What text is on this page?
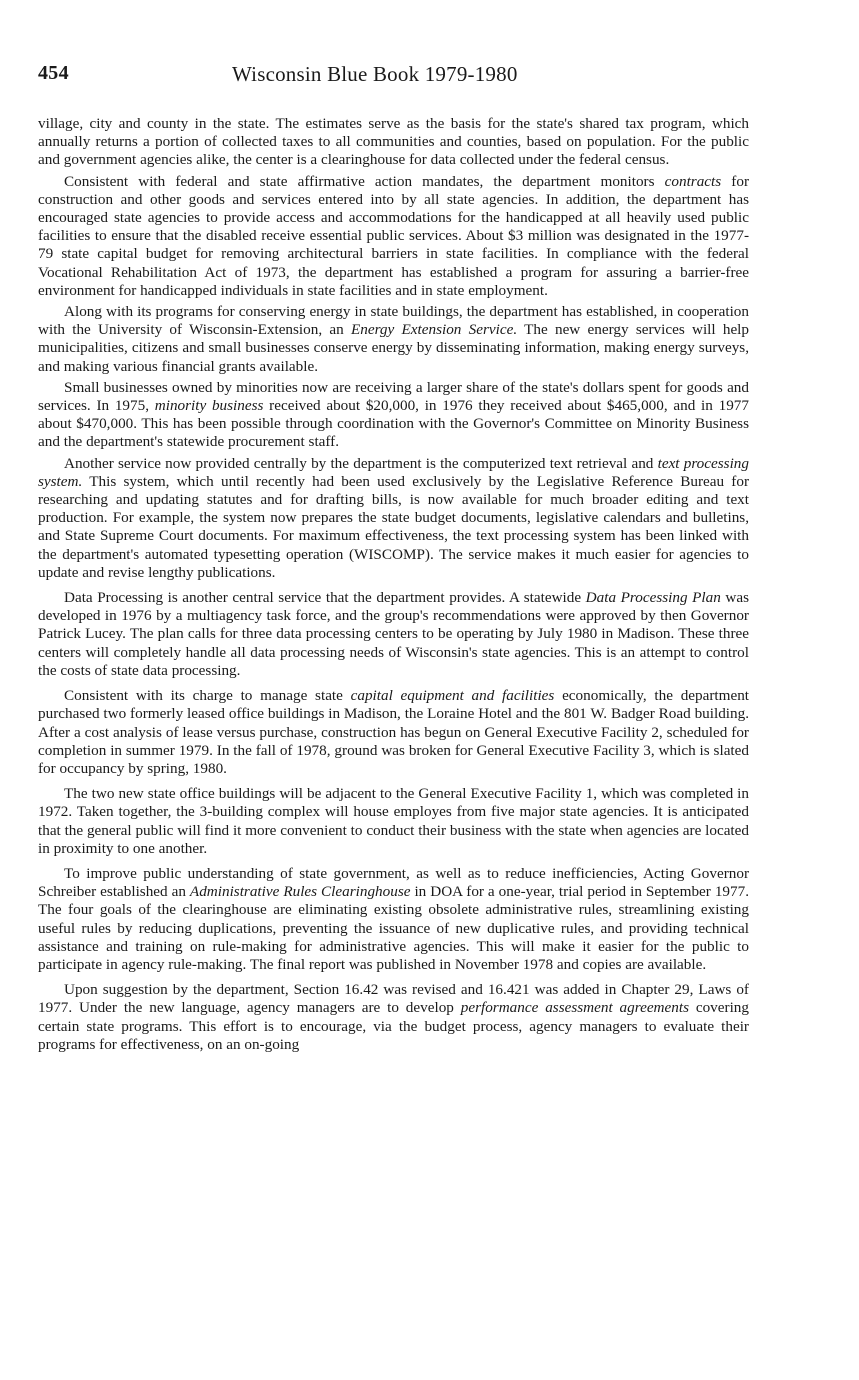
454	Wisconsin Blue Book 1979-1980

village, city and county in the state. The estimates serve as the basis for the state's shared tax program, which annually returns a portion of collected taxes to all communities and counties, based on population. For the public and government agencies alike, the center is a clearinghouse for data collected under the federal census.

Consistent with federal and state affirmative action mandates, the department monitors contracts for construction and other goods and services entered into by all state agencies. In addition, the department has encouraged state agencies to provide access and accommodations for the handicapped at all heavily used public facilities to ensure that the disabled receive essential public services. About $3 million was designated in the 1977-79 state capital budget for removing architectural barriers in state facilities. In compliance with the federal Vocational Rehabilitation Act of 1973, the department has established a program for assuring a barrier-free environment for handicapped individuals in state facilities and in state employment.

Along with its programs for conserving energy in state buildings, the department has established, in cooperation with the University of Wisconsin-Extension, an Energy Extension Service. The new energy services will help municipalities, citizens and small businesses conserve energy by disseminating information, making energy surveys, and making various financial grants available.

Small businesses owned by minorities now are receiving a larger share of the state's dollars spent for goods and services. In 1975, minority business received about $20,000, in 1976 they received about $465,000, and in 1977 about $470,000. This has been possible through coordination with the Governor's Committee on Minority Business and the department's statewide procurement staff.

Another service now provided centrally by the department is the computerized text retrieval and text processing system. This system, which until recently had been used exclusively by the Legislative Reference Bureau for researching and updating statutes and for drafting bills, is now available for much broader editing and text production. For example, the system now prepares the state budget documents, legislative calendars and bulletins, and State Supreme Court documents. For maximum effectiveness, the text processing system has been linked with the department's automated typesetting operation (WISCOMP). The service makes it much easier for agencies to update and revise lengthy publications.

Data Processing is another central service that the department provides. A statewide Data Processing Plan was developed in 1976 by a multiagency task force, and the group's recommendations were approved by then Governor Patrick Lucey. The plan calls for three data processing centers to be operating by July 1980 in Madison. These three centers will completely handle all data processing needs of Wisconsin's state agencies. This is an attempt to control the costs of state data processing.

Consistent with its charge to manage state capital equipment and facilities economically, the department purchased two formerly leased office buildings in Madison, the Loraine Hotel and the 801 W. Badger Road building. After a cost analysis of lease versus purchase, construction has begun on General Executive Facility 2, scheduled for completion in summer 1979. In the fall of 1978, ground was broken for General Executive Facility 3, which is slated for occupancy by spring, 1980.

The two new state office buildings will be adjacent to the General Executive Facility 1, which was completed in 1972. Taken together, the 3-building complex will house employes from five major state agencies. It is anticipated that the general public will find it more convenient to conduct their business with the state when agencies are located in proximity to one another.

To improve public understanding of state government, as well as to reduce inefficiencies, Acting Governor Schreiber established an Administrative Rules Clearinghouse in DOA for a one-year, trial period in September 1977. The four goals of the clearinghouse are eliminating existing obsolete administrative rules, streamlining existing useful rules by reducing duplications, preventing the issuance of new duplicative rules, and providing technical assistance and training on rule-making for administrative agencies. This will make it easier for the public to participate in agency rule-making. The final report was published in November 1978 and copies are available.

Upon suggestion by the department, Section 16.42 was revised and 16.421 was added in Chapter 29, Laws of 1977. Under the new language, agency managers are to develop performance assessment agreements covering certain state programs. This effort is to encourage, via the budget process, agency managers to evaluate their programs for effectiveness, on an on-going
